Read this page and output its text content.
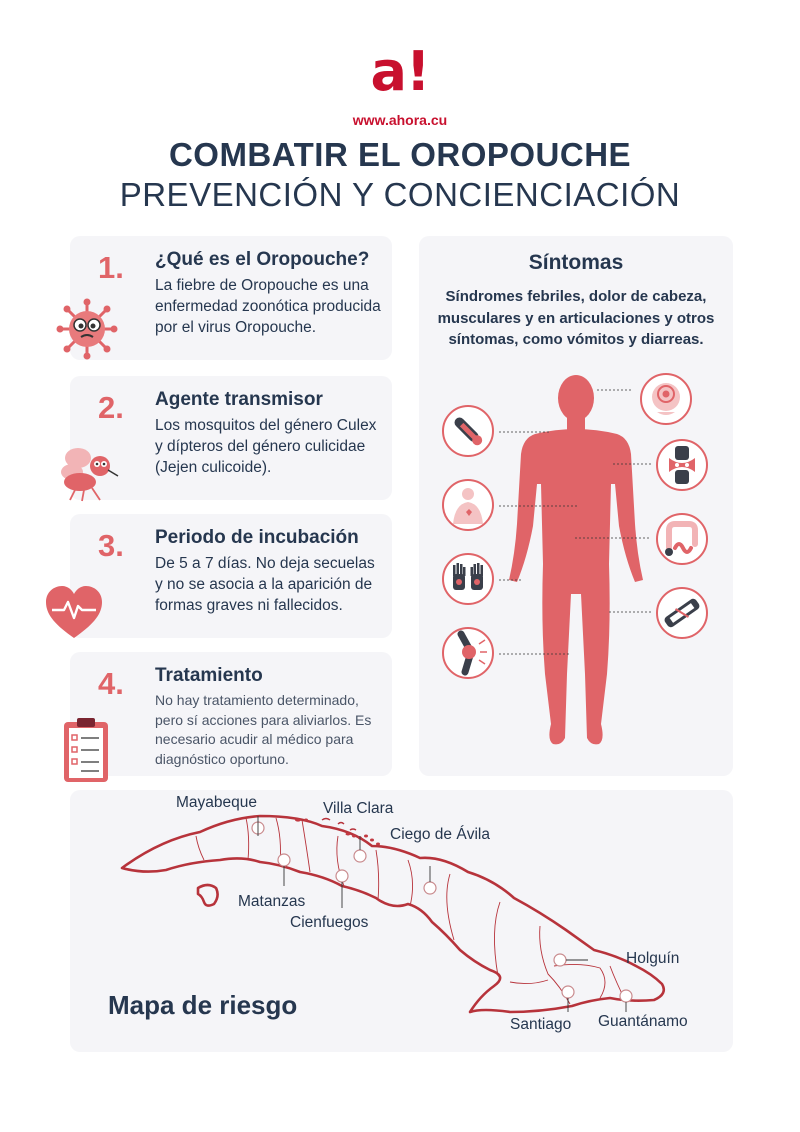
a!
www.ahora.cu
COMBATIR EL OROPOUCHE
PREVENCIÓN Y CONCIENCIACIÓN
1. ¿Qué es el Oropouche?
La fiebre de Oropouche es una enfermedad zoonótica producida por el virus Oropouche.
2. Agente transmisor
Los mosquitos del género Culex y dípteros del género culicidae (Jejen culicoide).
3. Periodo de incubación
De 5 a 7 días. No deja secuelas y no se asocia a la aparición de formas graves ni fallecidos.
4. Tratamiento
No hay tratamiento determinado, pero sí acciones para aliviarlos. Es necesario acudir al médico para diagnóstico oportuno.
Síntomas
Síndromes febriles, dolor de cabeza, musculares y en articulaciones y otros síntomas, como vómitos y diarreas.
Mayabeque	Villa Clara
Ciego de Ávila
Matanzas
Cienfuegos
Holguín
Santiago Guantánamo
Mapa de riesgo
